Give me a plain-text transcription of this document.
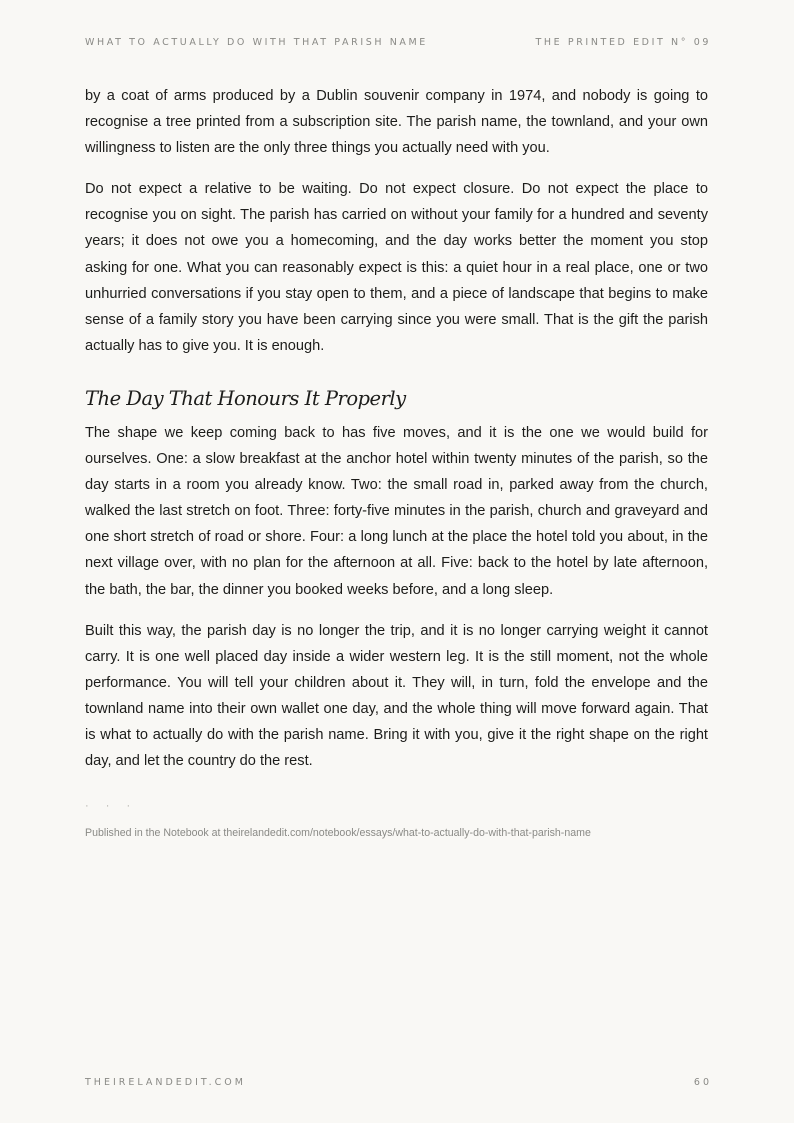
WHAT TO ACTUALLY DO WITH THAT PARISH NAME	THE PRINTED EDIT N° 09

by a coat of arms produced by a Dublin souvenir company in 1974, and nobody is going to recognise a tree printed from a subscription site. The parish name, the townland, and your own willingness to listen are the only three things you actually need with you.

Do not expect a relative to be waiting. Do not expect closure. Do not expect the place to recognise you on sight. The parish has carried on without your family for a hundred and seventy years; it does not owe you a homecoming, and the day works better the moment you stop asking for one. What you can reasonably expect is this: a quiet hour in a real place, one or two unhurried conversations if you stay open to them, and a piece of landscape that begins to make sense of a family story you have been carrying since you were small. That is the gift the parish actually has to give you. It is enough.

The Day That Honours It Properly

The shape we keep coming back to has five moves, and it is the one we would build for ourselves. One: a slow breakfast at the anchor hotel within twenty minutes of the parish, so the day starts in a room you already know. Two: the small road in, parked away from the church, walked the last stretch on foot. Three: forty-five minutes in the parish, church and graveyard and one short stretch of road or shore. Four: a long lunch at the place the hotel told you about, in the next village over, with no plan for the afternoon at all. Five: back to the hotel by late afternoon, the bath, the bar, the dinner you booked weeks before, and a long sleep.

Built this way, the parish day is no longer the trip, and it is no longer carrying weight it cannot carry. It is one well placed day inside a wider western leg. It is the still moment, not the whole performance. You will tell your children about it. They will, in turn, fold the envelope and the townland name into their own wallet one day, and the whole thing will move forward again. That is what to actually do with the parish name. Bring it with you, give it the right shape on the right day, and let the country do the rest.

· · ·
Published in the Notebook at theirelandedit.com/notebook/essays/what-to-actually-do-with-that-parish-name
THEIRELANDEDIT.COM	60
